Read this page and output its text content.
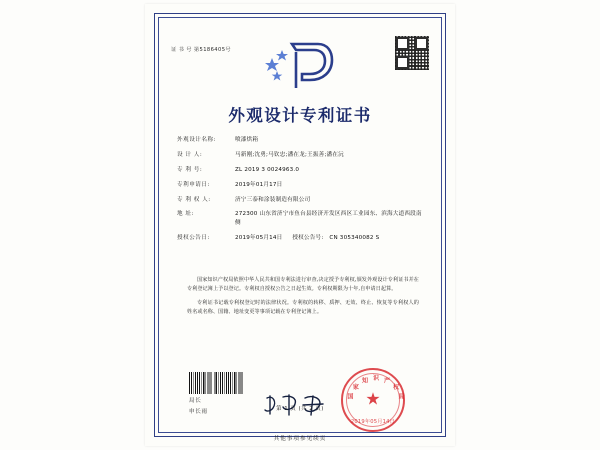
证 书 号 第5186405号
外观设计专利证书
外观设计名称:	喷漆烘箱
设 计 人:	马新刚;沈勇;马钦忠;潘在龙;王振善;潘在沅
专 利 号:	ZL 2019 3 0024963.0
专利申请日:	2019年01月17日
专 利 权 人:	济宁三泰和涂装制造有限公司
地 址:	272300 山东省济宁市鱼台县经济开发区西区工业园东、滨海大道西段南侧
授权公告日:	2019年05月14日 授权公告号: CN 305340082 S

国家知识产权局依照中华人民共和国专利法进行审查,决定授予专利权,颁发外观设计专利证书并在专利登记簿上予以登记。专利权自授权公告之日起生效。专利权期限为十年,自申请日起算。

专利证书记载专利权登记时的法律状况。专利权的转移、质押、无效、终止、恢复等专利权人的姓名或名称、国籍、地址变更等事项记载在专利登记簿上。

局长
申长雨
国
家
知 识 产
权
局
★
2019年05月14日
第 1 页 (共 2 页)
其他事项参见续页
